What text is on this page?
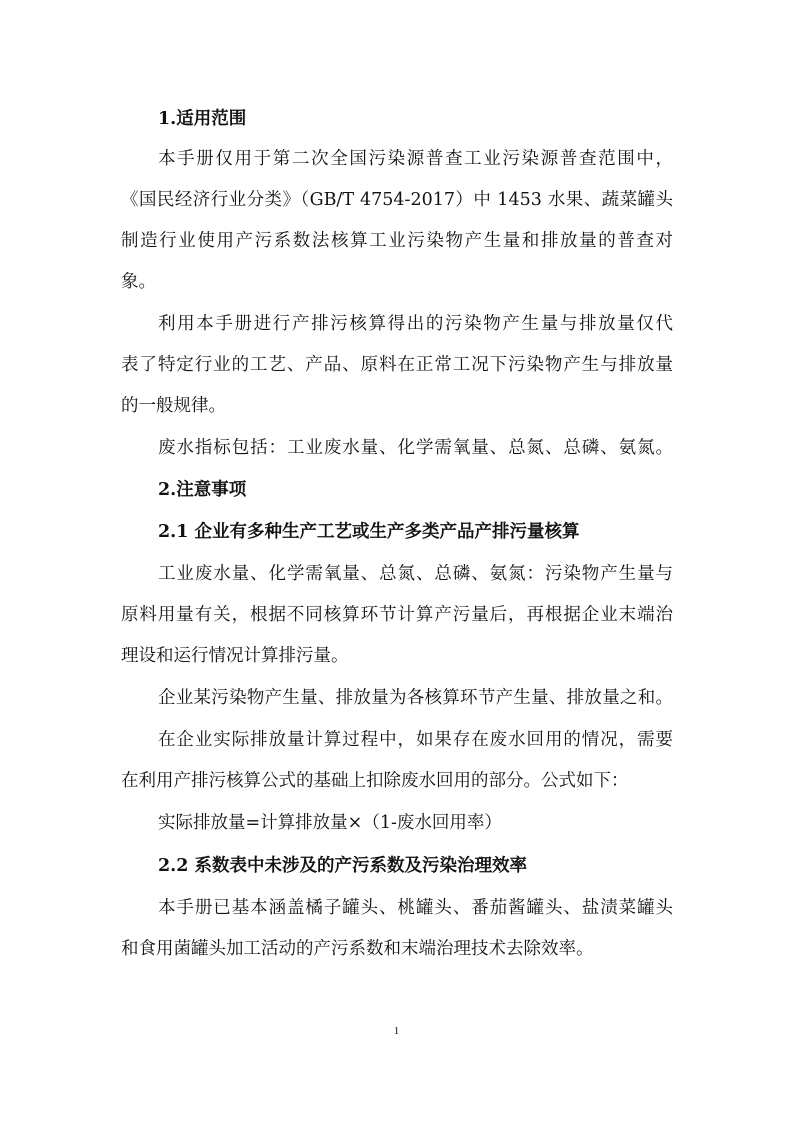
1.适用范围
本手册仅用于第二次全国污染源普查工业污染源普查范围中，
《国民经济行业分类》（GB/T 4754-2017）中 1453 水果、蔬菜罐头
制造行业使用产污系数法核算工业污染物产生量和排放量的普查对
象。
利用本手册进行产排污核算得出的污染物产生量与排放量仅代
表了特定行业的工艺、产品、原料在正常工况下污染物产生与排放量
的一般规律。
废水指标包括：工业废水量、化学需氧量、总氮、总磷、氨氮。
2.注意事项
2.1 企业有多种生产工艺或生产多类产品产排污量核算
工业废水量、化学需氧量、总氮、总磷、氨氮：污染物产生量与
原料用量有关，根据不同核算环节计算产污量后，再根据企业末端治
理设和运行情况计算排污量。
企业某污染物产生量、排放量为各核算环节产生量、排放量之和。
在企业实际排放量计算过程中，如果存在废水回用的情况，需要
在利用产排污核算公式的基础上扣除废水回用的部分。公式如下：
实际排放量=计算排放量×（1-废水回用率）
2.2 系数表中未涉及的产污系数及污染治理效率
本手册已基本涵盖橘子罐头、桃罐头、番茄酱罐头、盐渍菜罐头
和食用菌罐头加工活动的产污系数和末端治理技术去除效率。
1
